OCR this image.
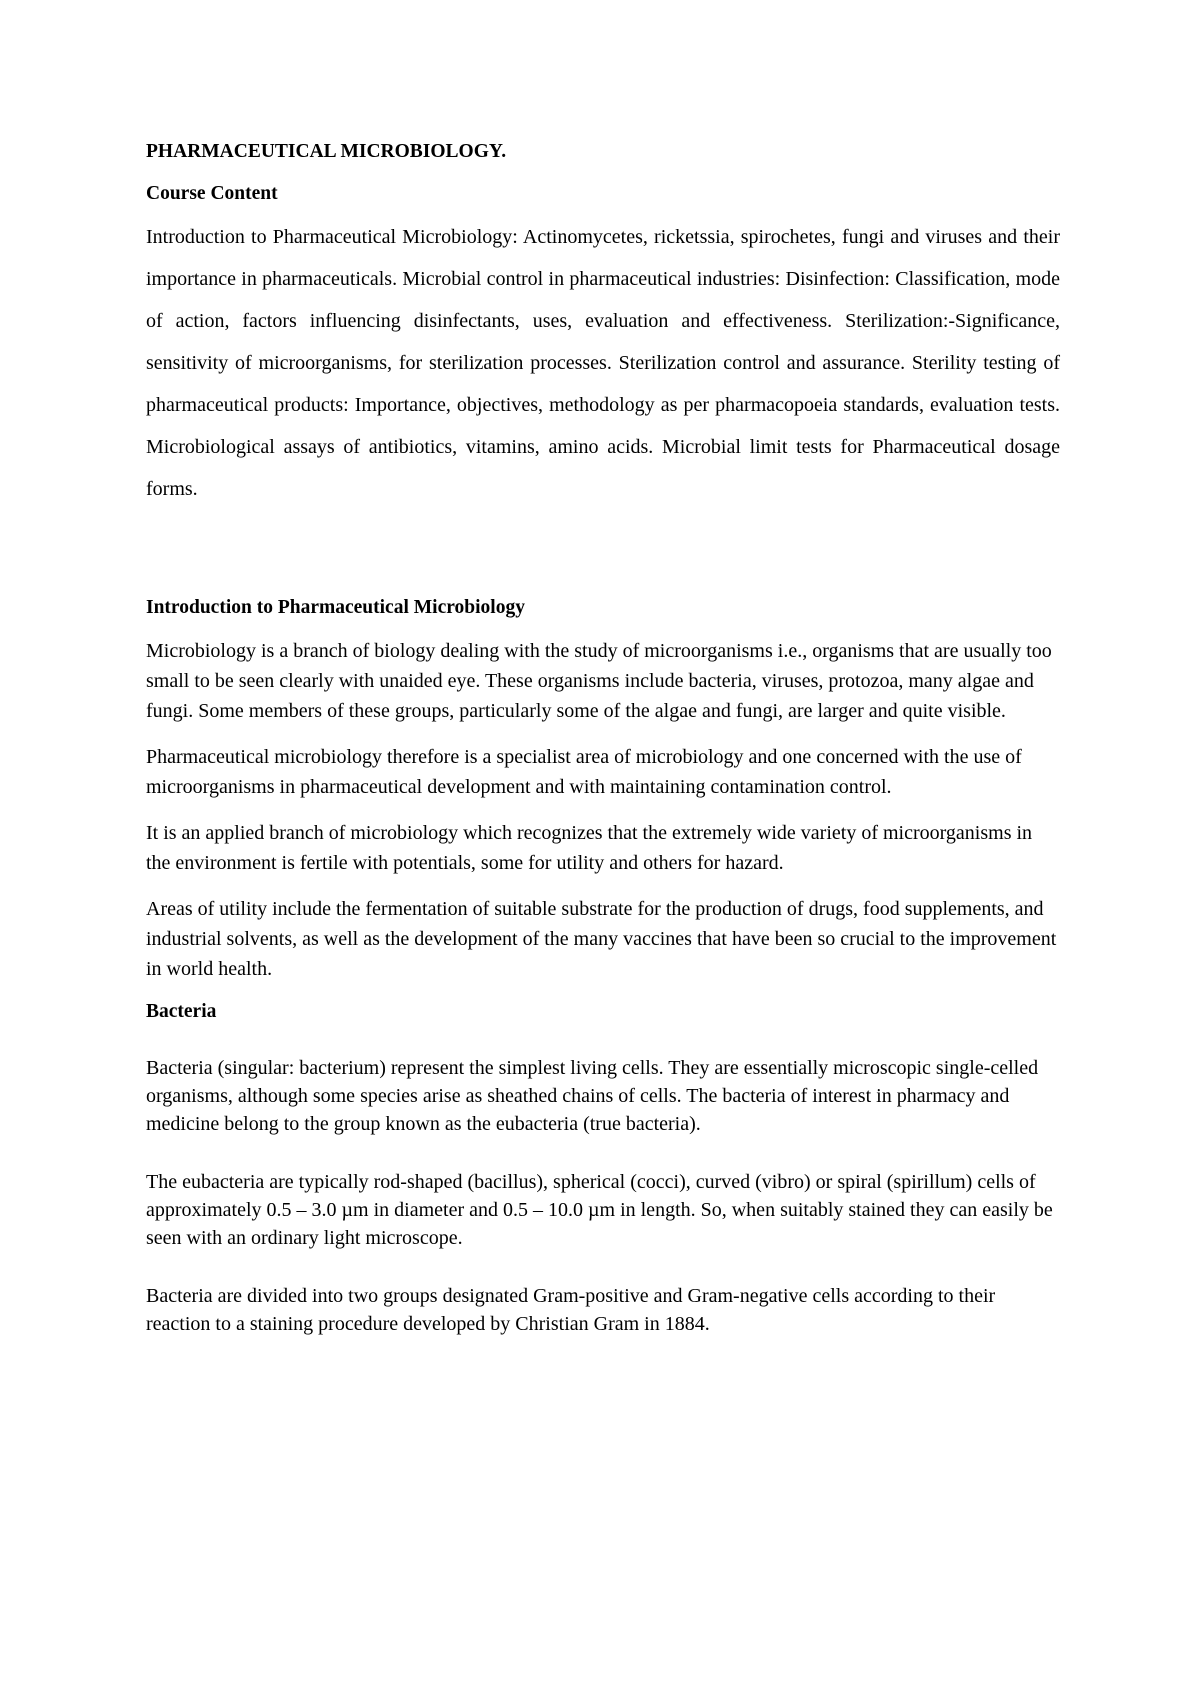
PHARMACEUTICAL MICROBIOLOGY.
Course Content

Introduction to Pharmaceutical Microbiology: Actinomycetes, ricketssia, spirochetes, fungi and viruses and their importance in pharmaceuticals. Microbial control in pharmaceutical industries: Disinfection: Classification, mode of action, factors influencing disinfectants, uses, evaluation and effectiveness. Sterilization:-Significance, sensitivity of microorganisms, for sterilization processes. Sterilization control and assurance. Sterility testing of pharmaceutical products: Importance, objectives, methodology as per pharmacopoeia standards, evaluation tests. Microbiological assays of antibiotics, vitamins, amino acids. Microbial limit tests for Pharmaceutical dosage forms.

Introduction to Pharmaceutical Microbiology

Microbiology is a branch of biology dealing with the study of microorganisms i.e., organisms that are usually too small to be seen clearly with unaided eye. These organisms include bacteria, viruses, protozoa, many algae and fungi. Some members of these groups, particularly some of the algae and fungi, are larger and quite visible.

Pharmaceutical microbiology therefore is a specialist area of microbiology and one concerned with the use of microorganisms in pharmaceutical development and with maintaining contamination control.

It is an applied branch of microbiology which recognizes that the extremely wide variety of microorganisms in the environment is fertile with potentials, some for utility and others for hazard.

Areas of utility include the fermentation of suitable substrate for the production of drugs, food supplements, and industrial solvents, as well as the development of the many vaccines that have been so crucial to the improvement in world health.

Bacteria

Bacteria (singular: bacterium) represent the simplest living cells. They are essentially microscopic single-celled organisms, although some species arise as sheathed chains of cells. The bacteria of interest in pharmacy and medicine belong to the group known as the eubacteria (true bacteria).

The eubacteria are typically rod-shaped (bacillus), spherical (cocci), curved (vibro) or spiral (spirillum) cells of approximately 0.5 – 3.0 µm in diameter and 0.5 – 10.0 µm in length. So, when suitably stained they can easily be seen with an ordinary light microscope.

Bacteria are divided into two groups designated Gram-positive and Gram-negative cells according to their reaction to a staining procedure developed by Christian Gram in 1884.
